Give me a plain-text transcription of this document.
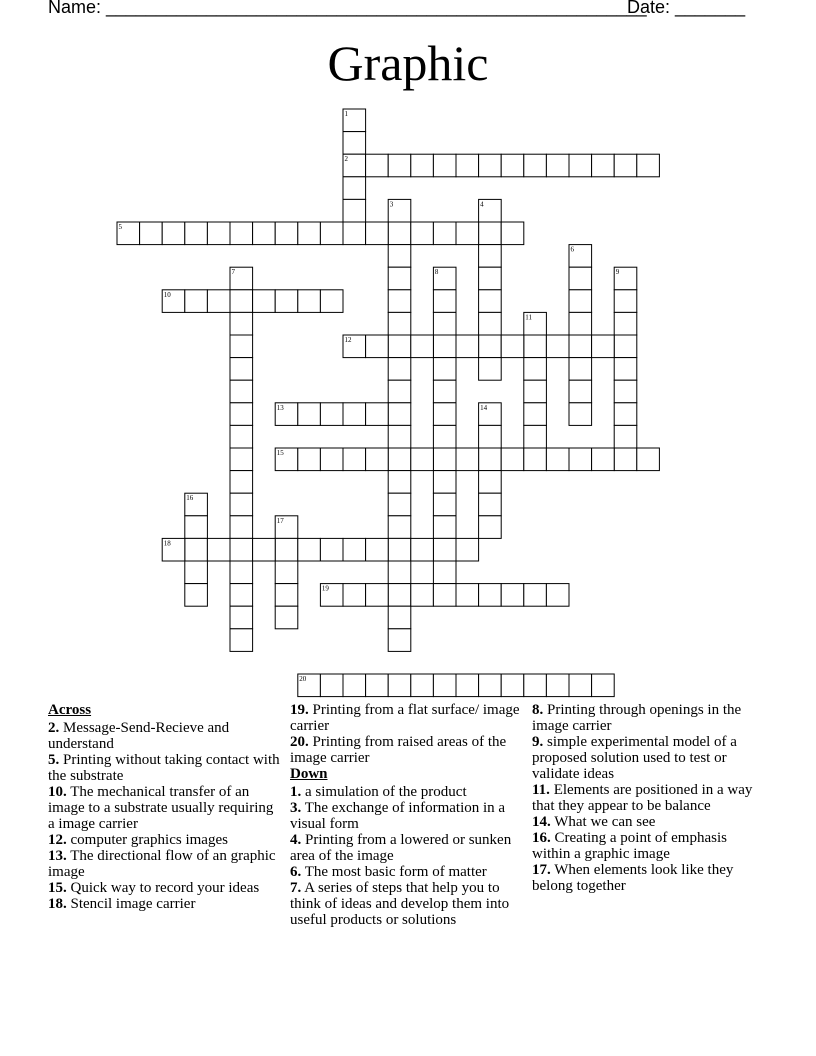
Name: ______________________________________________________
Date: _______
Graphic
1
2
3	4
5
6
7	8	9
10
11
12
13	14
15
16
17
18
19
20
Across
2. Message-Send-Recieve and understand
5. Printing without taking contact with the substrate
10. The mechanical transfer of an image to a substrate usually requiring a image carrier
12. computer graphics images
13. The directional flow of an graphic image
15. Quick way to record your ideas
18. Stencil image carrier
19. Printing from a flat surface/ image carrier
20. Printing from raised areas of the image carrier
Down
1. a simulation of the product
3. The exchange of information in a visual form
4. Printing from a lowered or sunken area of the image
6. The most basic form of matter
7. A series of steps that help you to think of ideas and develop them into useful products or solutions
8. Printing through openings in the image carrier
9. simple experimental model of a proposed solution used to test or validate ideas
11. Elements are positioned in a way that they appear to be balance
14. What we can see
16. Creating a point of emphasis within a graphic image
17. When elements look like they belong together
